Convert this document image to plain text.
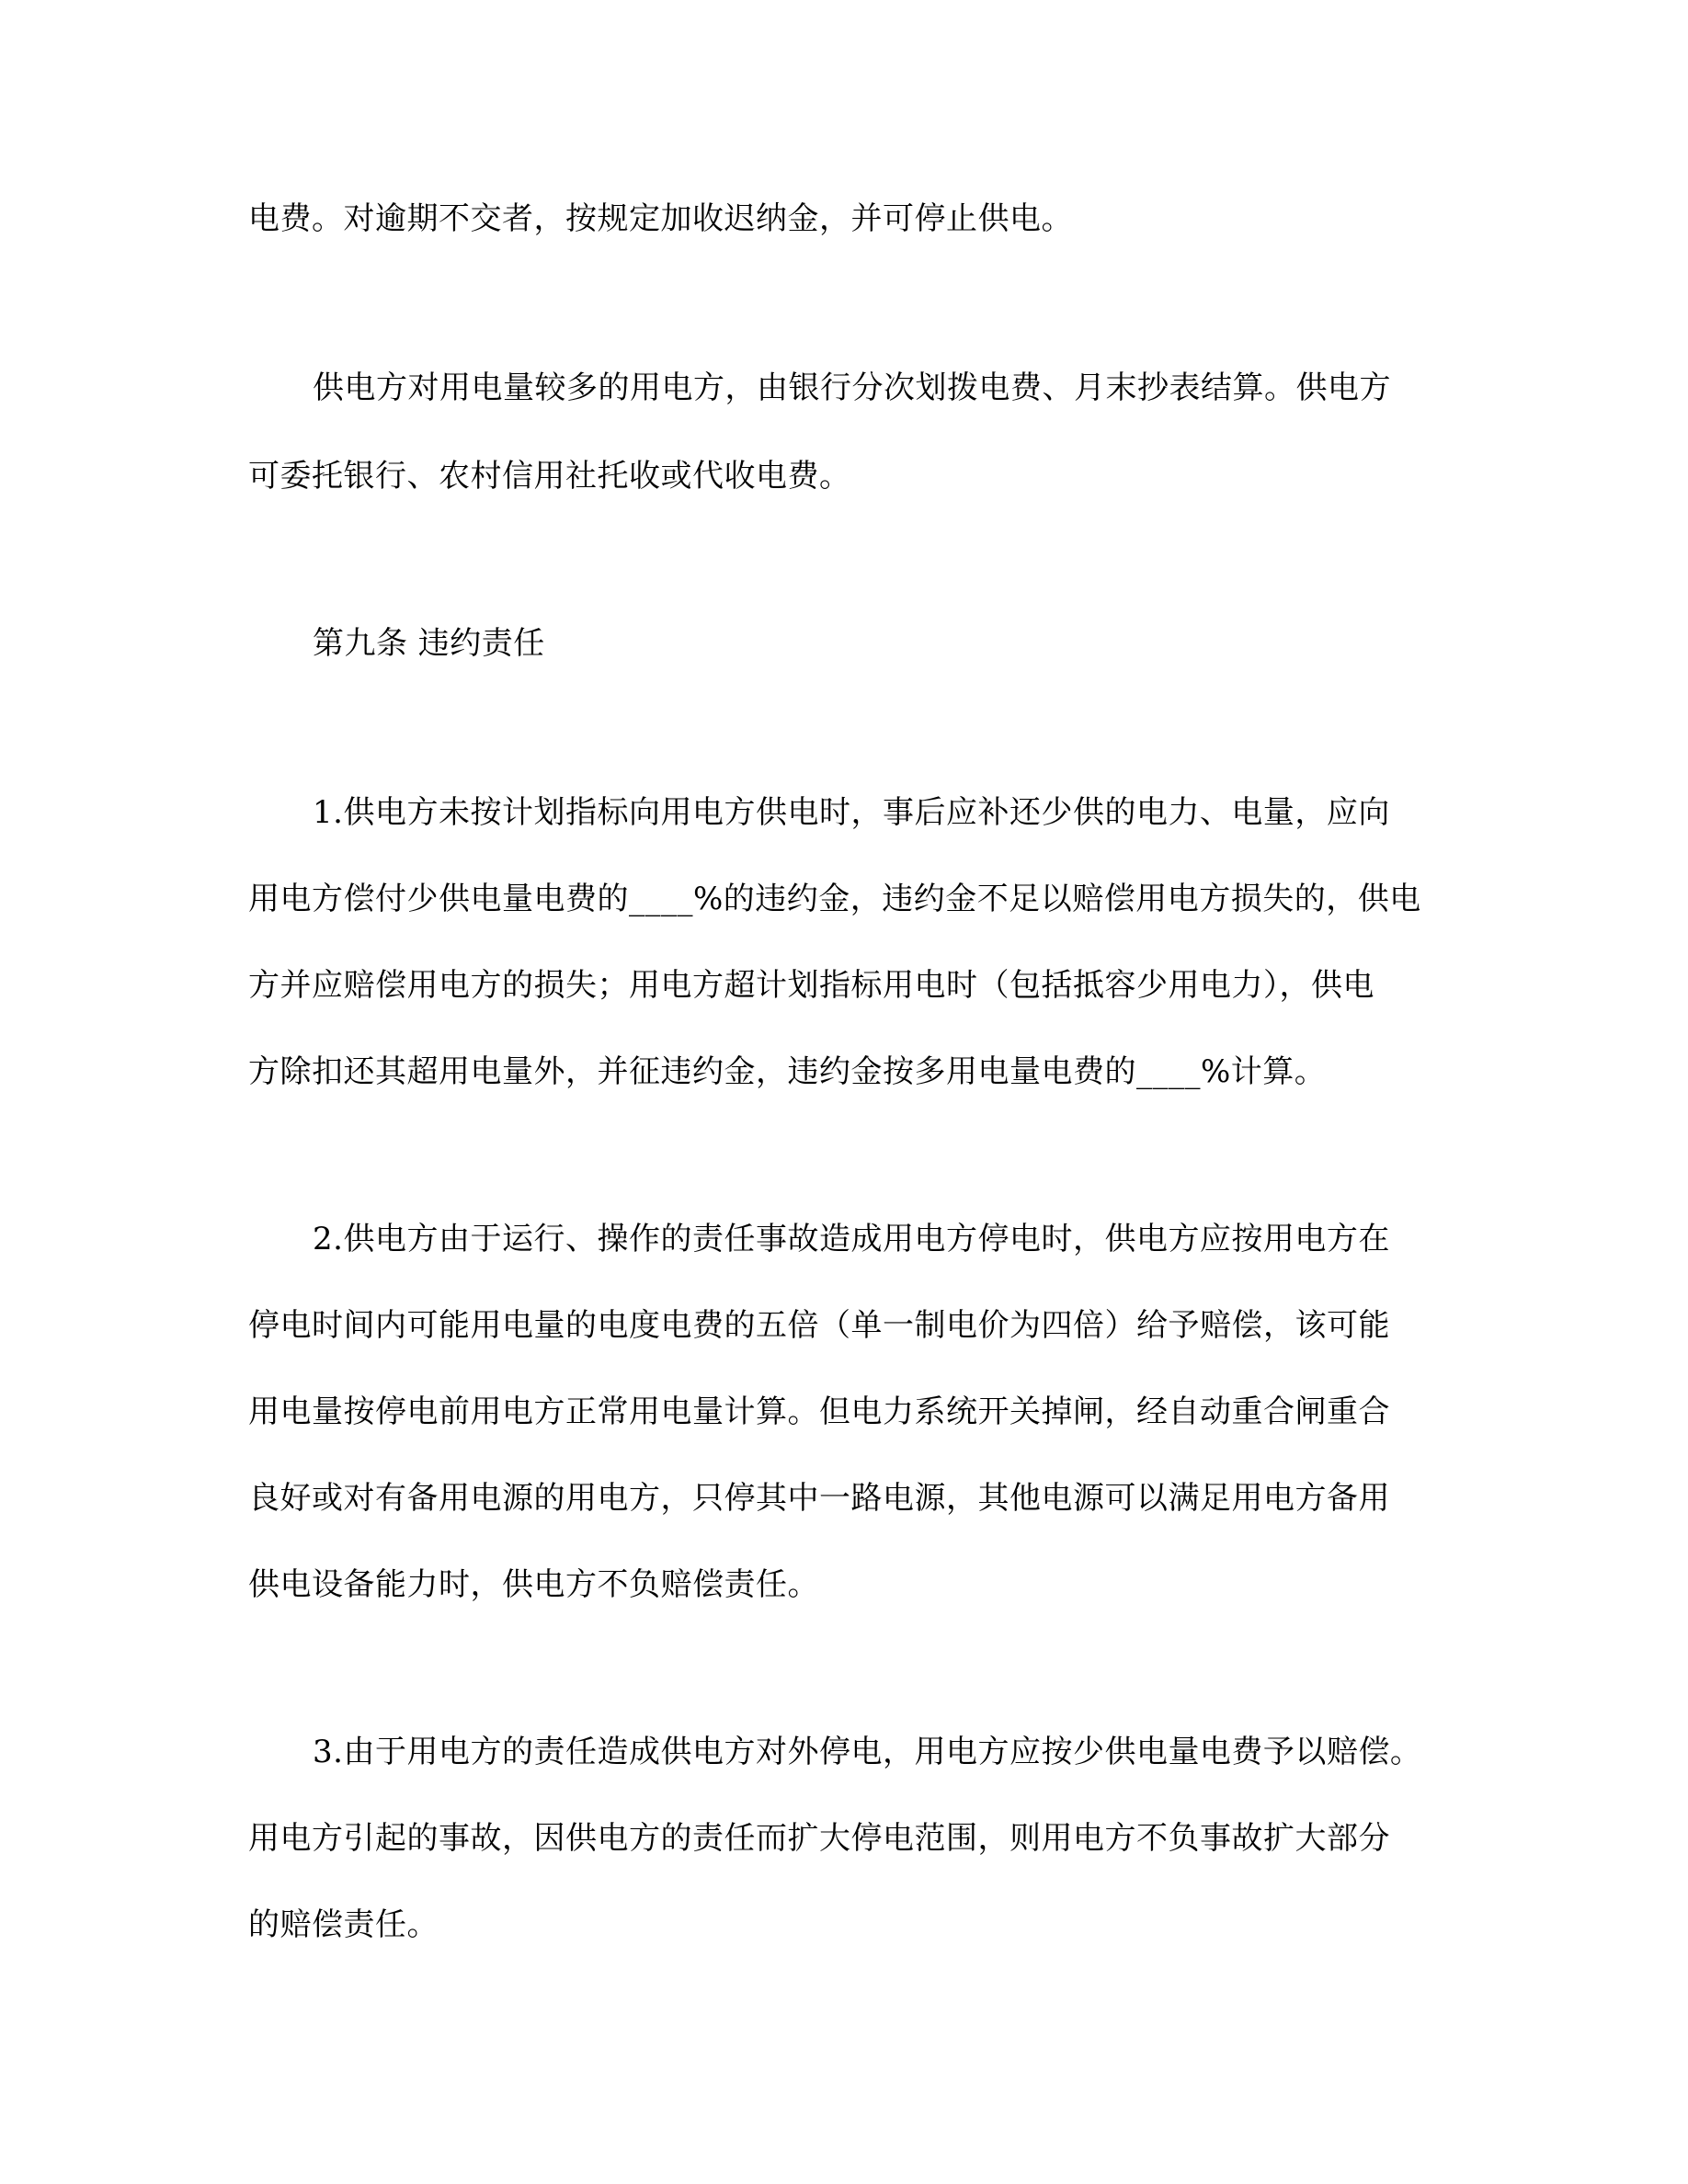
电费。对逾期不交者，按规定加收迟纳金，并可停止供电。
供电方对用电量较多的用电方，由银行分次划拨电费、月末抄表结算。供电方
可委托银行、农村信用社托收或代收电费。
第九条 违约责任
1.供电方未按计划指标向用电方供电时，事后应补还少供的电力、电量，应向
用电方偿付少供电量电费的____%的违约金，违约金不足以赔偿用电方损失的，供电
方并应赔偿用电方的损失；用电方超计划指标用电时（包括抵容少用电力），供电
方除扣还其超用电量外，并征违约金，违约金按多用电量电费的____%计算。
2.供电方由于运行、操作的责任事故造成用电方停电时，供电方应按用电方在
停电时间内可能用电量的电度电费的五倍（单一制电价为四倍）给予赔偿，该可能
用电量按停电前用电方正常用电量计算。但电力系统开关掉闸，经自动重合闸重合
良好或对有备用电源的用电方，只停其中一路电源，其他电源可以满足用电方备用
供电设备能力时，供电方不负赔偿责任。
3.由于用电方的责任造成供电方对外停电，用电方应按少供电量电费予以赔偿。
用电方引起的事故，因供电方的责任而扩大停电范围，则用电方不负事故扩大部分
的赔偿责任。
